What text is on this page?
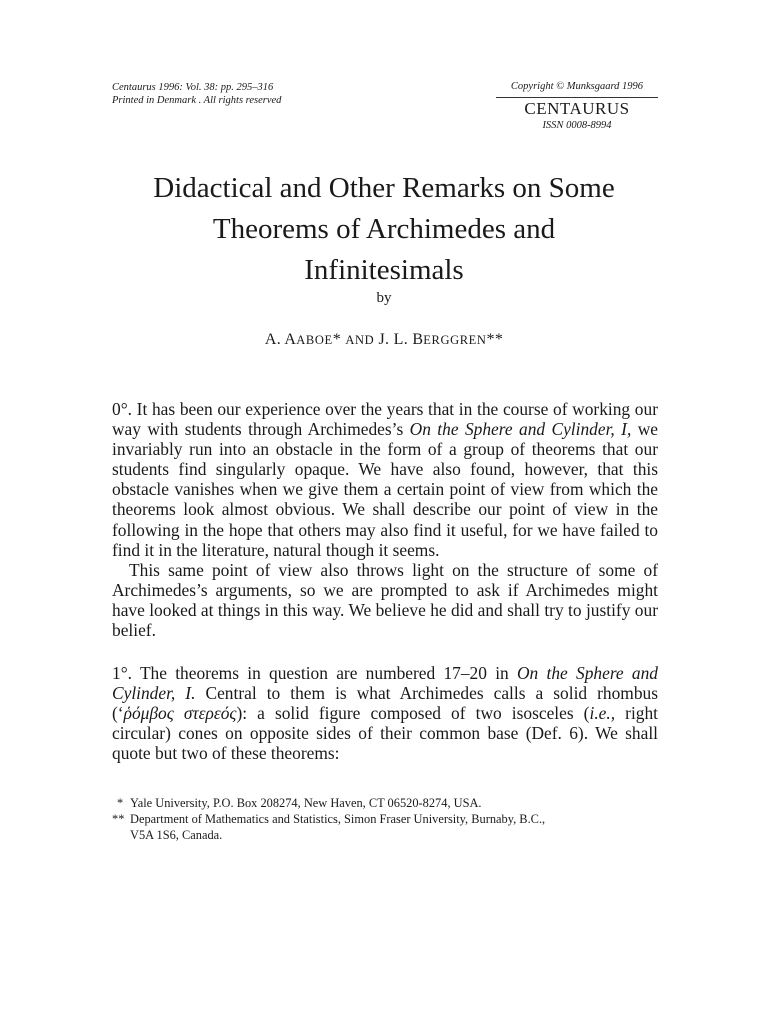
Centaurus 1996: Vol. 38: pp. 295–316
Printed in Denmark . All rights reserved
Copyright © Munksgaard 1996
CENTAURUS
ISSN 0008-8994
Didactical and Other Remarks on Some
Theorems of Archimedes and
Infinitesimals
by
A. AABOE* AND J. L. BERGGREN**

0°. It has been our experience over the years that in the course of working our way with students through Archimedes’s On the Sphere and Cylinder, I, we invariably run into an obstacle in the form of a group of theorems that our students find singularly opaque. We have also found, however, that this obstacle vanishes when we give them a certain point of view from which the theorems look almost obvious. We shall describe our point of view in the following in the hope that others may also find it useful, for we have failed to find it in the literature, natural though it seems.

This same point of view also throws light on the structure of some of Archimedes’s arguments, so we are prompted to ask if Archimedes might have looked at things in this way. We believe he did and shall try to justify our belief.

1°. The theorems in question are numbered 17–20 in On the Sphere and Cylinder, I. Central to them is what Archimedes calls a solid rhombus (‘ῥόμβος στερεός): a solid figure composed of two isosceles (i.e., right circular) cones on opposite sides of their common base (Def. 6). We shall quote but two of these theorems:

* Yale University, P.O. Box 208274, New Haven, CT 06520-8274, USA.
** Department of Mathematics and Statistics, Simon Fraser University, Burnaby, B.C.,
V5A 1S6, Canada.
